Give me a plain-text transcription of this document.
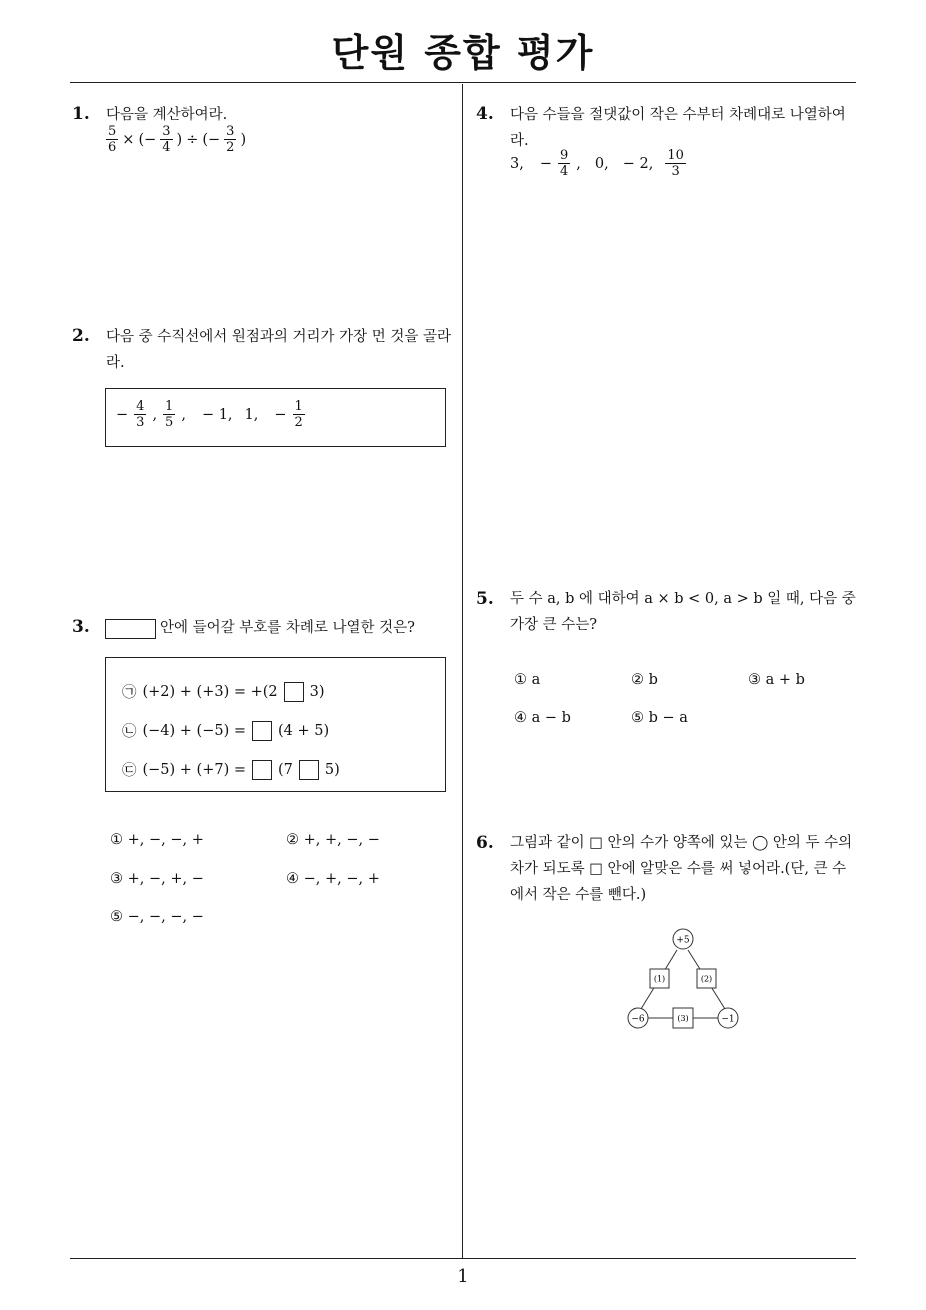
단원 종합 평가
1. 다음을 계산하여라.
$\frac{5}{6}$ × (− $\frac{3}{4}$ ) ÷ (− $\frac{3}{2}$ )
2. 다음 중 수직선에서 원점과의 거리가 가장 먼 것을 골라라.
− $\frac{4}{3}$ , $\frac{1}{5}$ , − 1, 1, − $\frac{1}{2}$
3.	안에 들어갈 부호를 차례로 나열한 것은?
㉠ (+2) + (+3) = +(2 3)
㉡ (−4) + (−5) = (4 + 5)
㉢ (−5) + (+7) = (7 5)
① +, −, −, +	② +, +, −, −
③ +, −, +, −	④ −, +, −, +
⑤ −, −, −, −
4. 다음 수들을 절댓값이 작은 수부터 차례대로 나열하여라.
3, − $\frac{9}{4}$ , 0, − 2, $\frac{10}{3}$
5. 두 수 a, b 에 대하여 a × b < 0, a > b 일 때, 다음 중 가장 큰 수는?
① a	② b	③ a + b
④ a − b	⑤ b − a
6. 그림과 같이 □ 안의 수가 양쪽에 있는 ◯ 안의 두 수의 차가 되도록 □ 안에 알맞은 수를 써 넣어라.(단, 큰 수에서 작은 수를 뺀다.)
+5
−6	−1
(1)	(2)
(3)
1
